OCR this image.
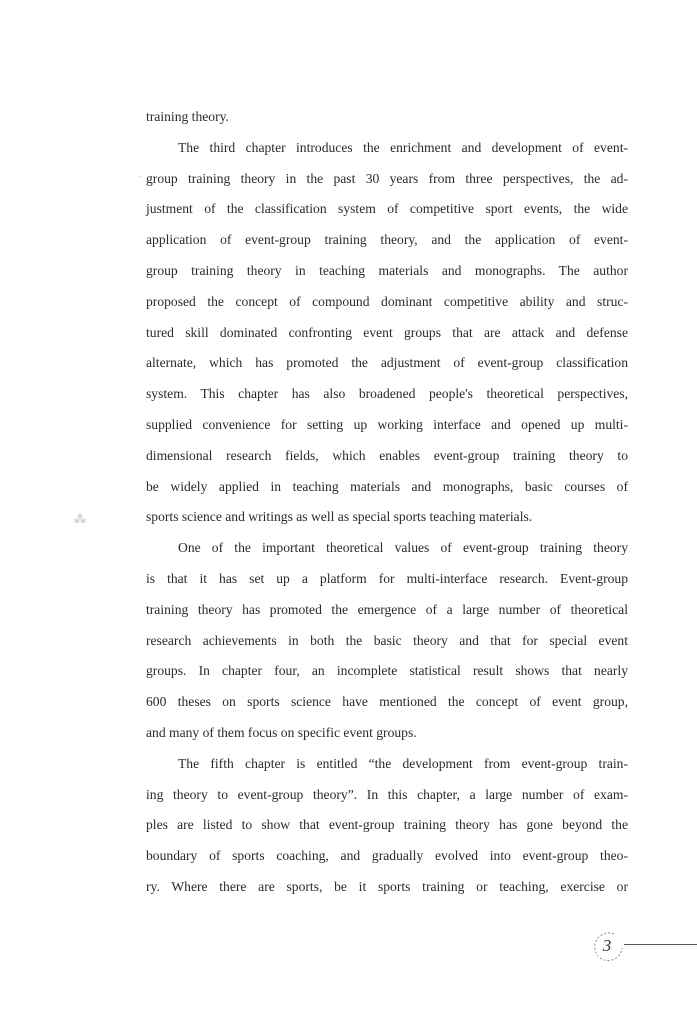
training theory.
The third chapter introduces the enrichment and development of event-
group training theory in the past 30 years from three perspectives, the ad-
justment of the classification system of competitive sport events, the wide
application of event-group training theory, and the application of event-
group training theory in teaching materials and monographs. The author
proposed the concept of compound dominant competitive ability and struc-
tured skill dominated confronting event groups that are attack and defense
alternate, which has promoted the adjustment of event-group classification
system. This chapter has also broadened people's theoretical perspectives,
supplied convenience for setting up working interface and opened up multi-
dimensional research fields, which enables event-group training theory to
be widely applied in teaching materials and monographs, basic courses of
sports science and writings as well as special sports teaching materials.
One of the important theoretical values of event-group training theory
is that it has set up a platform for multi-interface research. Event-group
training theory has promoted the emergence of a large number of theoretical
research achievements in both the basic theory and that for special event
groups. In chapter four, an incomplete statistical result shows that nearly
600 theses on sports science have mentioned the concept of event group,
and many of them focus on specific event groups.
The fifth chapter is entitled “the development from event-group train-
ing theory to event-group theory”. In this chapter, a large number of exam-
ples are listed to show that event-group training theory has gone beyond the
boundary of sports coaching, and gradually evolved into event-group theo-
ry. Where there are sports, be it sports training or teaching, exercise or
3
·
⁂
